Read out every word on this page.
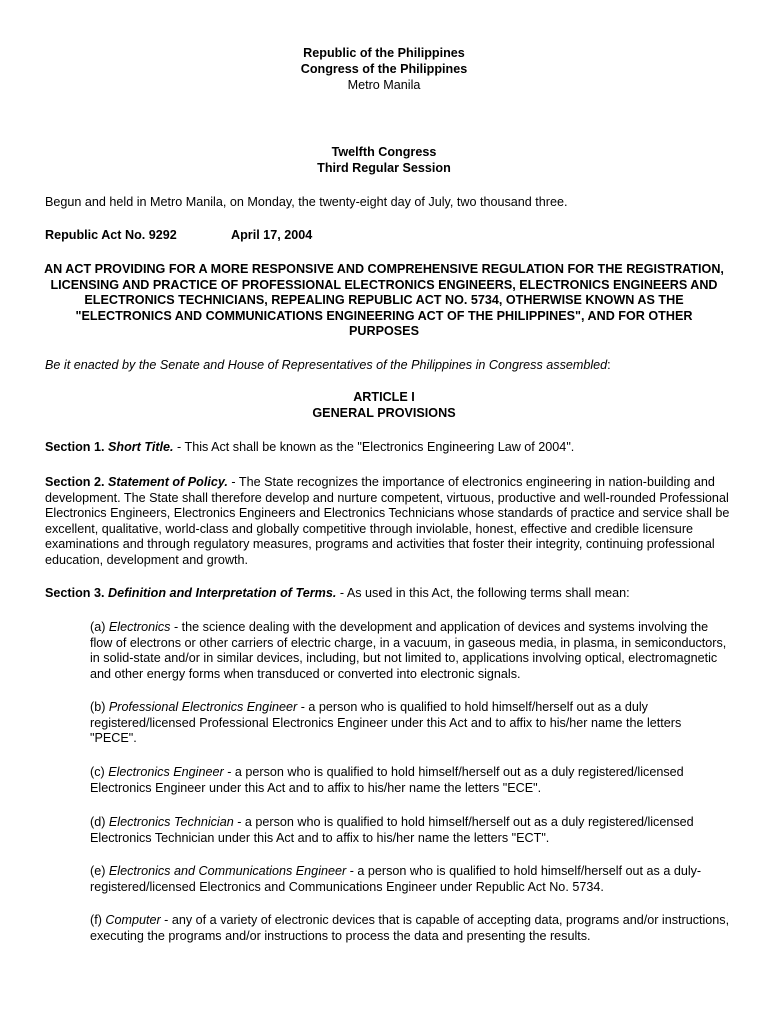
Republic of the Philippines
Congress of the Philippines
Metro Manila
Twelfth Congress
Third Regular Session

Begun and held in Metro Manila, on Monday, the twenty-eight day of July, two thousand three.

Republic Act No. 9292	April 17, 2004

AN ACT PROVIDING FOR A MORE RESPONSIVE AND COMPREHENSIVE REGULATION FOR THE REGISTRATION, LICENSING AND PRACTICE OF PROFESSIONAL ELECTRONICS ENGINEERS, ELECTRONICS ENGINEERS AND ELECTRONICS TECHNICIANS, REPEALING REPUBLIC ACT NO. 5734, OTHERWISE KNOWN AS THE "ELECTRONICS AND COMMUNICATIONS ENGINEERING ACT OF THE PHILIPPINES", AND FOR OTHER PURPOSES

Be it enacted by the Senate and House of Representatives of the Philippines in Congress assembled:

ARTICLE I
GENERAL PROVISIONS

Section 1. Short Title. - This Act shall be known as the "Electronics Engineering Law of 2004".

Section 2. Statement of Policy. - The State recognizes the importance of electronics engineering in nation-building and development. The State shall therefore develop and nurture competent, virtuous, productive and well-rounded Professional Electronics Engineers, Electronics Engineers and Electronics Technicians whose standards of practice and service shall be excellent, qualitative, world-class and globally competitive through inviolable, honest, effective and credible licensure examinations and through regulatory measures, programs and activities that foster their integrity, continuing professional education, development and growth.

Section 3. Definition and Interpretation of Terms. - As used in this Act, the following terms shall mean:

(a) Electronics - the science dealing with the development and application of devices and systems involving the flow of electrons or other carriers of electric charge, in a vacuum, in gaseous media, in plasma, in semiconductors, in solid-state and/or in similar devices, including, but not limited to, applications involving optical, electromagnetic and other energy forms when transduced or converted into electronic signals.

(b) Professional Electronics Engineer - a person who is qualified to hold himself/herself out as a duly registered/licensed Professional Electronics Engineer under this Act and to affix to his/her name the letters "PECE".

(c) Electronics Engineer - a person who is qualified to hold himself/herself out as a duly registered/licensed Electronics Engineer under this Act and to affix to his/her name the letters "ECE".

(d) Electronics Technician - a person who is qualified to hold himself/herself out as a duly registered/licensed Electronics Technician under this Act and to affix to his/her name the letters "ECT".

(e) Electronics and Communications Engineer - a person who is qualified to hold himself/herself out as a duly-registered/licensed Electronics and Communications Engineer under Republic Act No. 5734.

(f) Computer - any of a variety of electronic devices that is capable of accepting data, programs and/or instructions, executing the programs and/or instructions to process the data and presenting the results.
